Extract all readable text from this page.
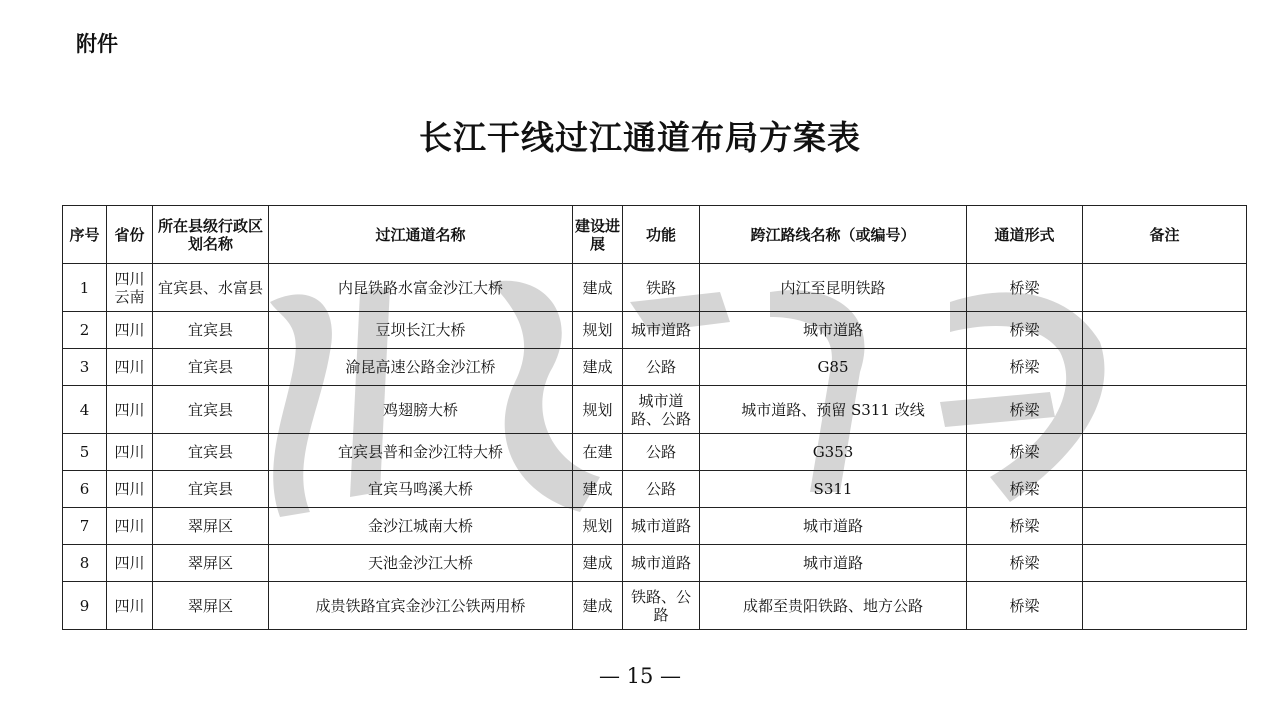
附件
长江干线过江通道布局方案表
序号	省份	所在县级行政区划名称	过江通道名称	建设进展	功能	跨江路线名称（或编号）	通道形式	备注
1	四川云南	宜宾县、水富县	内昆铁路水富金沙江大桥	建成	铁路	内江至昆明铁路	桥梁	
2	四川	宜宾县	豆坝长江大桥	规划	城市道路	城市道路	桥梁	
3	四川	宜宾县	渝昆高速公路金沙江桥	建成	公路	G85	桥梁	
4	四川	宜宾县	鸡翅膀大桥	规划	城市道路、公路	城市道路、预留 S311 改线	桥梁	
5	四川	宜宾县	宜宾县普和金沙江特大桥	在建	公路	G353	桥梁	
6	四川	宜宾县	宜宾马鸣溪大桥	建成	公路	S311	桥梁	
7	四川	翠屏区	金沙江城南大桥	规划	城市道路	城市道路	桥梁	
8	四川	翠屏区	天池金沙江大桥	建成	城市道路	城市道路	桥梁	
9	四川	翠屏区	成贵铁路宜宾金沙江公铁两用桥	建成	铁路、公路	成都至贵阳铁路、地方公路	桥梁	
— 15 —
